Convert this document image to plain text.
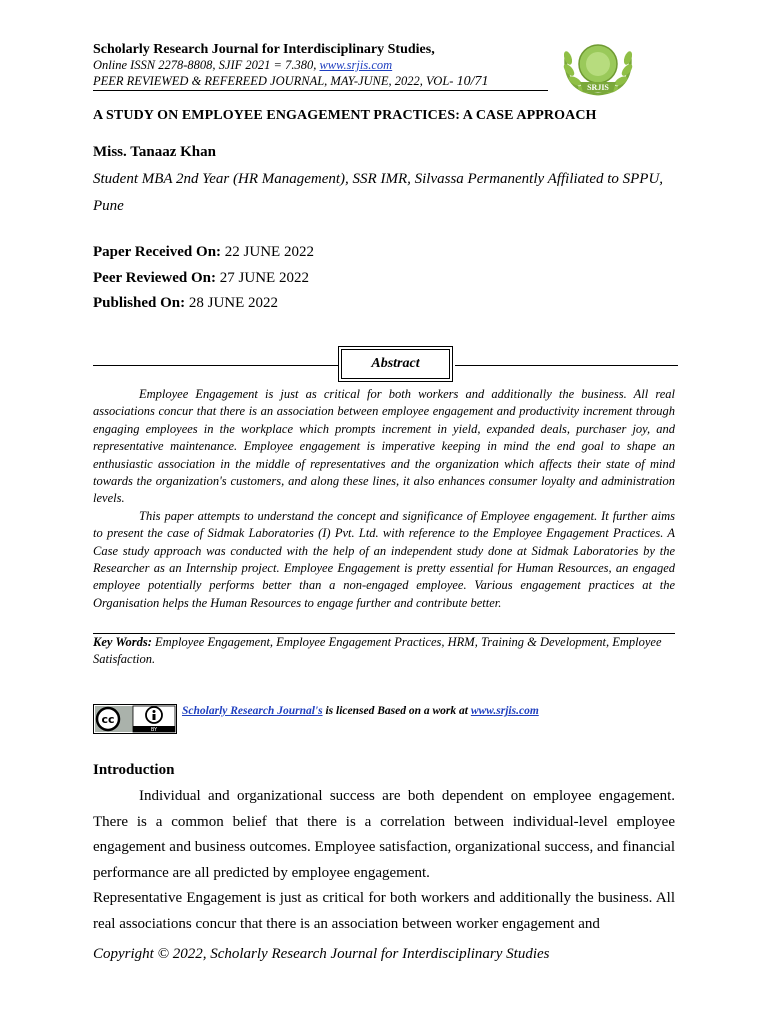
Scholarly Research Journal for Interdisciplinary Studies,
Online ISSN 2278-8808, SJIF 2021 = 7.380, www.srjis.com
PEER REVIEWED & REFEREED JOURNAL, MAY-JUNE, 2022, VOL- 10/71	SRJIS
A STUDY ON EMPLOYEE ENGAGEMENT PRACTICES: A CASE APPROACH
Miss. Tanaaz Khan
Student MBA 2nd Year (HR Management), SSR IMR, Silvassa Permanently Affiliated to SPPU, Pune
Paper Received On: 22 JUNE 2022
Peer Reviewed On: 27 JUNE 2022
Published On: 28 JUNE 2022
Abstract

Employee Engagement is just as critical for both workers and additionally the business. All real associations concur that there is an association between employee engagement and productivity increment through engaging employees in the workplace which prompts increment in yield, expanded deals, purchaser joy, and representative maintenance. Employee engagement is imperative keeping in mind the end goal to shape an enthusiastic association in the middle of representatives and the organization which affects their state of mind towards the organization's customers, and along these lines, it also enhances consumer loyalty and administration levels.

This paper attempts to understand the concept and significance of Employee engagement. It further aims to present the case of Sidmak Laboratories (I) Pvt. Ltd. with reference to the Employee Engagement Practices. A Case study approach was conducted with the help of an independent study done at Sidmak Laboratories by the Researcher as an Internship project. Employee Engagement is pretty essential for Human Resources, an engaged employee potentially performs better than a non-engaged employee. Various engagement practices at the Organisation helps the Human Resources to engage further and contribute better.

Key Words: Employee Engagement, Employee Engagement Practices, HRM, Training & Development, Employee Satisfaction.
cc
BY
Scholarly Research Journal's is licensed Based on a work at www.srjis.com
Introduction

Individual and organizational success are both dependent on employee engagement. There is a common belief that there is a correlation between individual-level employee engagement and business outcomes. Employee satisfaction, organizational success, and financial performance are all predicted by employee engagement.

Representative Engagement is just as critical for both workers and additionally the business. All real associations concur that there is an association between worker engagement and

Copyright © 2022, Scholarly Research Journal for Interdisciplinary Studies
